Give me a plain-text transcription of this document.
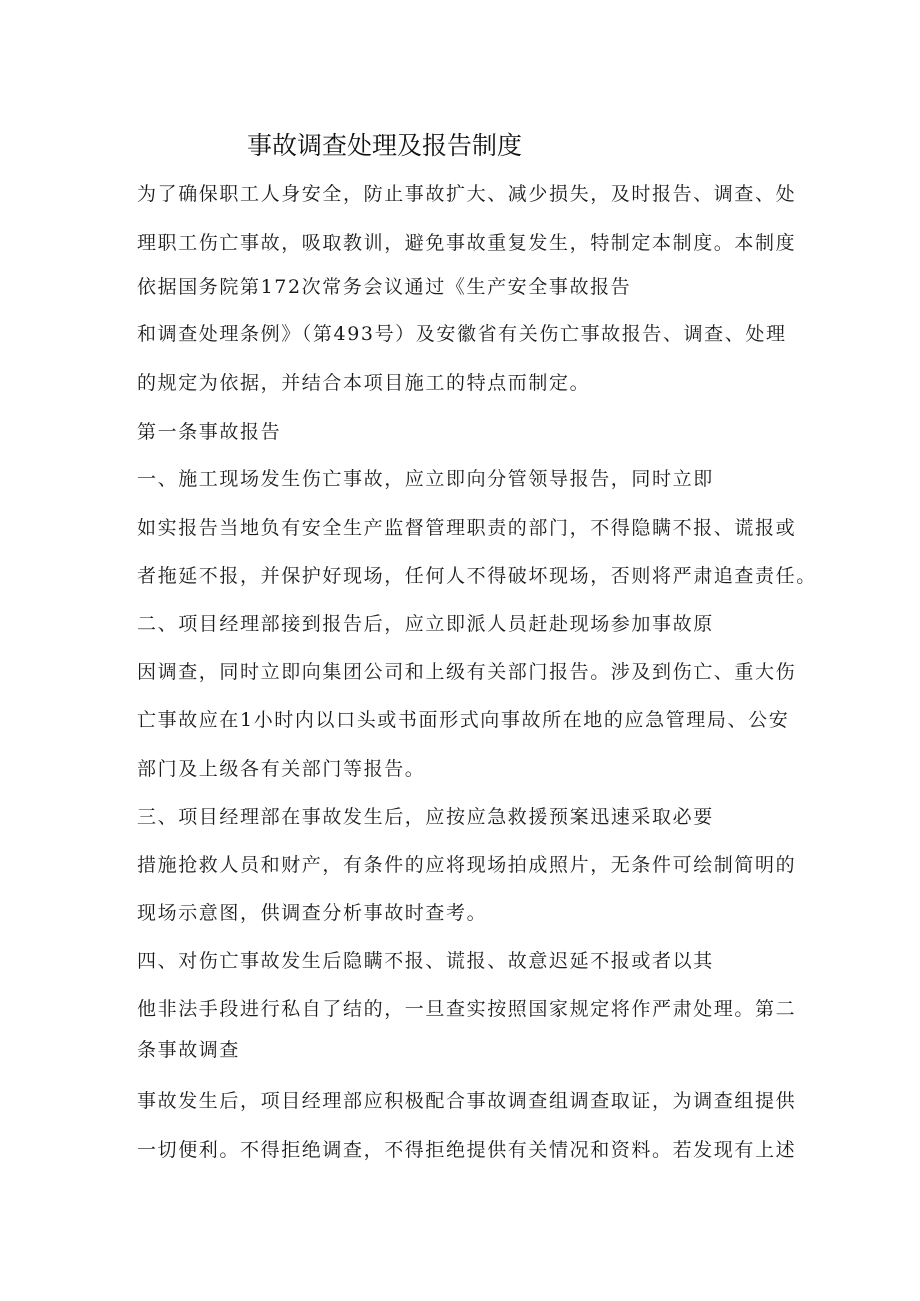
事故调查处理及报告制度
为了确保职工人身安全，防止事故扩大、减少损失，及时报告、调查、处
理职工伤亡事故，吸取教训，避免事故重复发生，特制定本制度。本制度
依据国务院第172次常务会议通过《生产安全事故报告
和调查处理条例》（第493号）及安徽省有关伤亡事故报告、调查、处理
的规定为依据，并结合本项目施工的特点而制定。
第一条事故报告
一、施工现场发生伤亡事故，应立即向分管领导报告，同时立即
如实报告当地负有安全生产监督管理职责的部门，不得隐瞒不报、谎报或
者拖延不报，并保护好现场，任何人不得破坏现场，否则将严肃追查责任。
二、项目经理部接到报告后，应立即派人员赶赴现场参加事故原
因调查，同时立即向集团公司和上级有关部门报告。涉及到伤亡、重大伤
亡事故应在1小时内以口头或书面形式向事故所在地的应急管理局、公安
部门及上级各有关部门等报告。
三、项目经理部在事故发生后，应按应急救援预案迅速采取必要
措施抢救人员和财产，有条件的应将现场拍成照片，无条件可绘制简明的
现场示意图，供调查分析事故时查考。
四、对伤亡事故发生后隐瞒不报、谎报、故意迟延不报或者以其
他非法手段进行私自了结的，一旦查实按照国家规定将作严肃处理。第二
条事故调查
事故发生后，项目经理部应积极配合事故调查组调查取证，为调查组提供
一切便利。不得拒绝调查，不得拒绝提供有关情况和资料。若发现有上述
